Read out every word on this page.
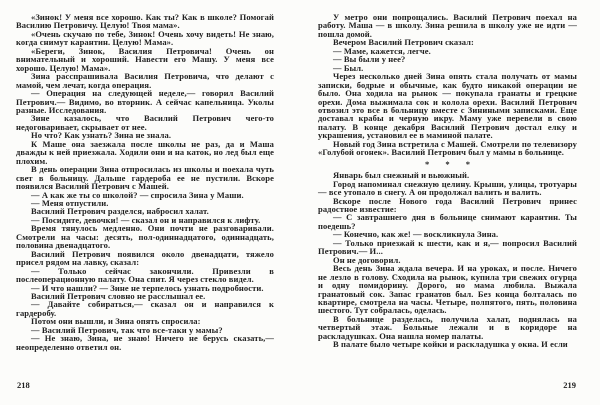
«Зинок! У меня все хорошо. Как ты? Как в школе? Помогай Василию Петровичу. Целую! Твоя мама».

«Очень скучаю по тебе, Зинок! Очень хочу видеть! Не знаю, когда снимут карантин. Целую! Мама».

«Береги, Зинок, Василия Петровича! Очень он внимательный и хороший. Навести его Машу. У меня все хорошо. Целую! Мама».

Зина расспрашивала Василия Петровича, что делают с мамой, чем лечат, когда операция.

— Операция на следующей неделе,— говорил Василий Петрович.— Видимо, во вторник. А сейчас капельница. Уколы разные. Исследования.

Зине казалось, что Василий Петрович чего-то недоговаривает, скрывает от нее.

Но что? Как узнать? Зина не знала.

К Маше она заезжала после школы не раз, да и Маша дважды к ней приезжала. Ходили они и на каток, но лед был еще плохим.

В день операции Зина отпросилась из школы и поехала чуть свет в больницу. Дальше гардероба ее не пустили. Вскоре появился Василий Петрович с Машей.

— А как же ты со школой? — спросила Зина у Маши.

— Меня отпустили.

Василий Петрович разделся, набросил халат.

— Посидите, девочки! — сказал он и направился к лифту.

Время тянулось медленно. Они почти не разговаривали. Смотрели на часы: десять, пол-одиннадцатого, одиннадцать, половина двенадцатого.

Василий Петрович появился около двенадцати, тяжело присел рядом на лавку, сказал:

— Только сейчас закончили. Привезли в послеоперационную палату. Она спит. Я через стекло видел.

— И что нашли? — Зине не терпелось узнать подробности.

Василий Петрович словно не расслышал ее.

— Давайте собираться,— сказал он и направился к гардеробу.

Потом они вышли, и Зина опять спросила:

— Василий Петрович, так что все-таки у мамы?

— Не знаю, Зина, не знаю! Ничего не берусь сказать,— неопределенно ответил он.

У метро они попрощались. Василий Петрович поехал на работу. Маша — в школу. Зина решила в школу уже не идти — пошла домой.

Вечером Василий Петрович сказал:

— Маме, кажется, легче.

— Вы были у нее?

— Был.

Через несколько дней Зина опять стала получать от мамы записки, бодрые и обычные, как будто никакой операции не было. Она ходила на рынок — покупала гранаты и грецкие орехи. Дома выжимала сок и колола орехи. Василий Петрович отвозил это все в больницу вместе с Зиниными записками. Еще доставал крабы и черную икру. Маму уже перевели в свою палату. В конце декабря Василий Петрович достал елку и украшения, установил ее в маминой палате.

Новый год Зина встретила с Машей. Смотрели по телевизору «Голубой огонек». Василий Петрович был у мамы в больнице.

* * *

Январь был снежный и вьюжный.

Город напоминал снежную целину. Крыши, улицы, тротуары — все утопало в снегу. А он продолжал валить и валить.

Вскоре после Нового года Василий Петрович принес радостное известие:

— С завтрашнего дня в больнице снимают карантин. Ты поедешь?

— Конечно, как же! — воскликнула Зина.

— Только приезжай к шести, как и я,— попросил Василий Петрович.— И...

Он не договорил.

Весь день Зина ждала вечера. И на уроках, и после. Ничего не лезло в голову. Сходила на рынок, купила три свежих огурца и одну помидорину. Дорого, но мама любила. Выжала гранатовый сок. Запас гранатов был. Без конца болталась по квартире, смотрела на часы. Четыре, полпятого, пять, половина шестого. Тут собралась, оделась.

В больнице разделась, получила халат, поднялась на четвертый этаж. Больные лежали и в коридоре на раскладушках. Она нашла номер палаты.

В палате было четыре койки и раскладушка у окна. И если

218	219
